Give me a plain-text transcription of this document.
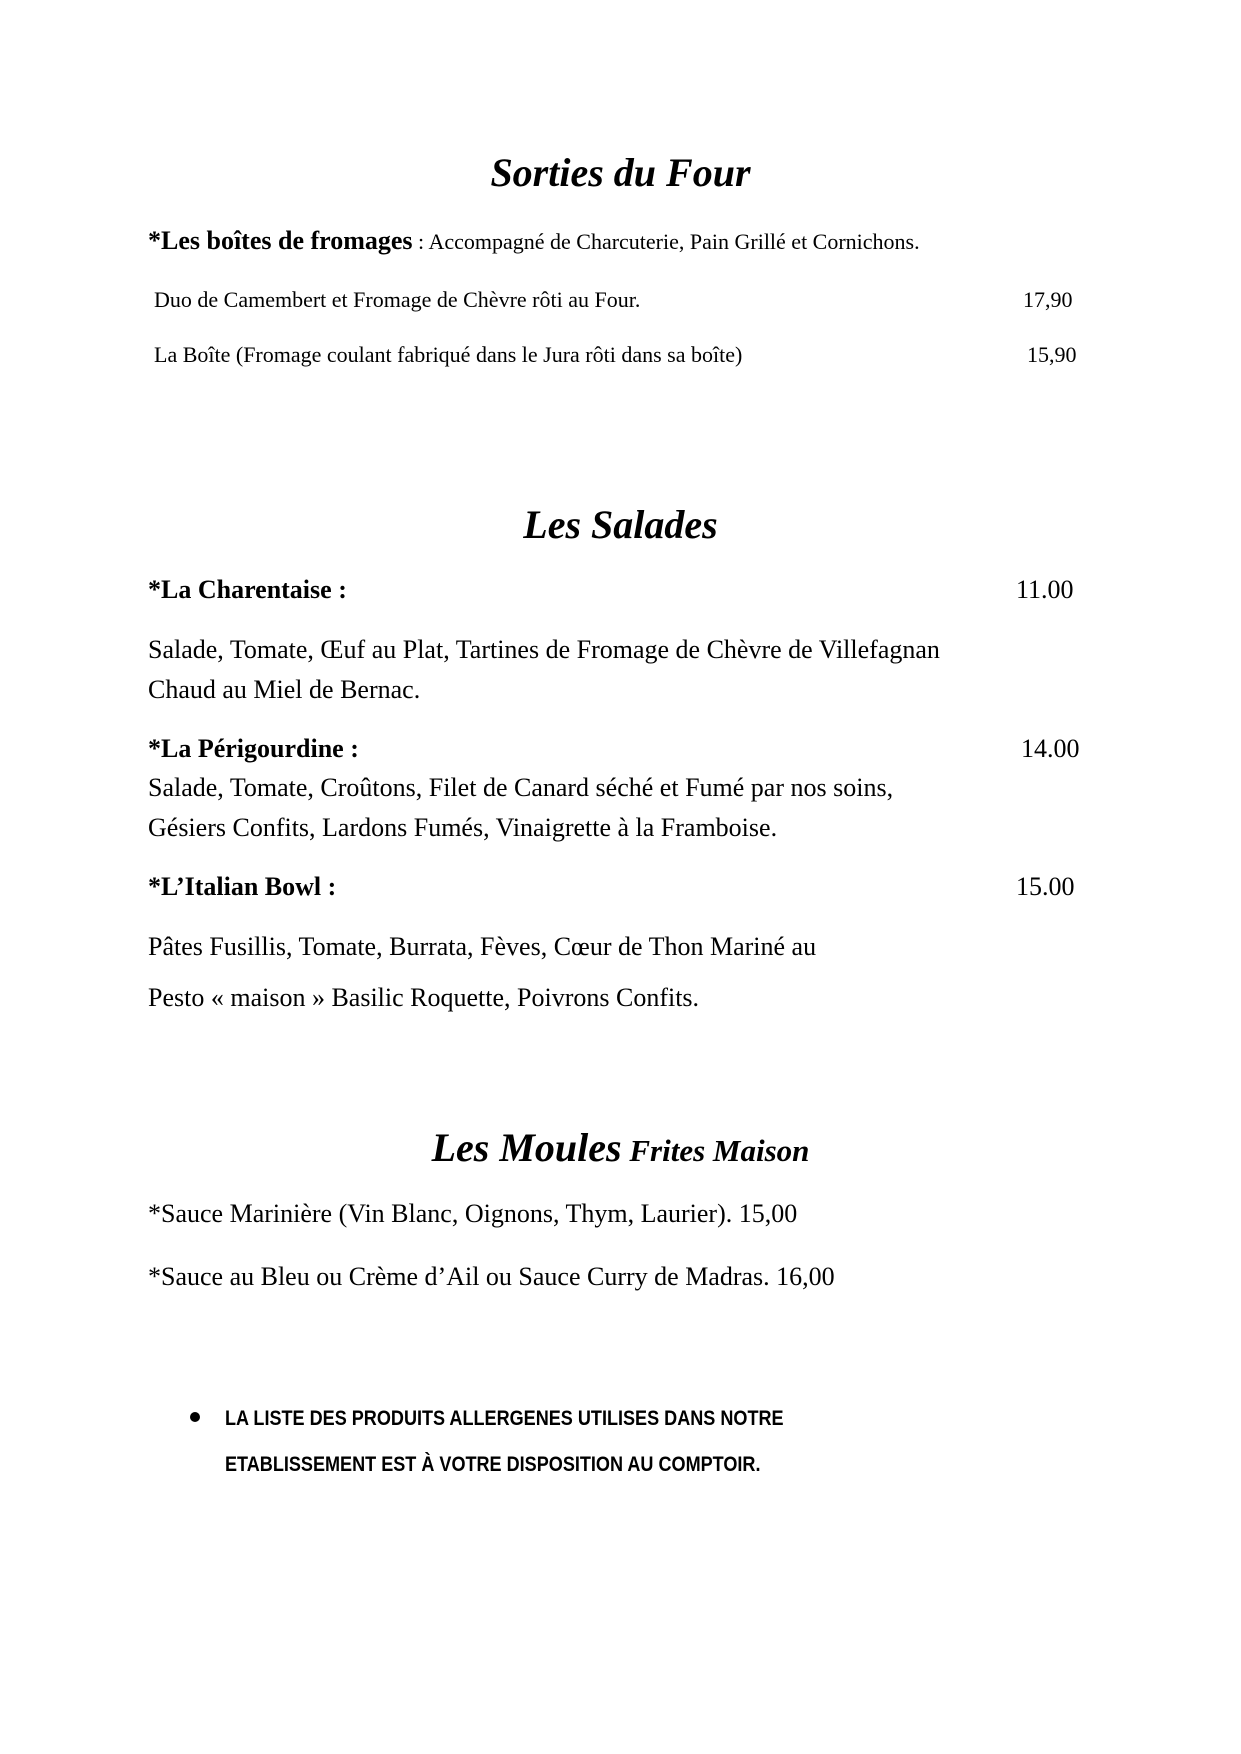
Sorties du Four
*Les boîtes de fromages : Accompagné de Charcuterie, Pain Grillé et Cornichons.
Duo de Camembert et Fromage de Chèvre rôti au Four.	17,90
La Boîte (Fromage coulant fabriqué dans le Jura rôti dans sa boîte)	15,90
Les Salades
*La Charentaise :	11.00
Salade, Tomate, Œuf au Plat, Tartines de Fromage de Chèvre de Villefagnan
Chaud au Miel de Bernac.
*La Périgourdine :	14.00
Salade, Tomate, Croûtons, Filet de Canard séché et Fumé par nos soins,
Gésiers Confits, Lardons Fumés, Vinaigrette à la Framboise.
*L’Italian Bowl :	15.00
Pâtes Fusillis, Tomate, Burrata, Fèves, Cœur de Thon Mariné au
Pesto « maison » Basilic Roquette, Poivrons Confits.
Les Moules Frites Maison
*Sauce Marinière (Vin Blanc, Oignons, Thym, Laurier). 15,00
*Sauce au Bleu ou Crème d’Ail ou Sauce Curry de Madras. 16,00
LA LISTE DES PRODUITS ALLERGENES UTILISES DANS NOTRE
ETABLISSEMENT EST À VOTRE DISPOSITION AU COMPTOIR.
